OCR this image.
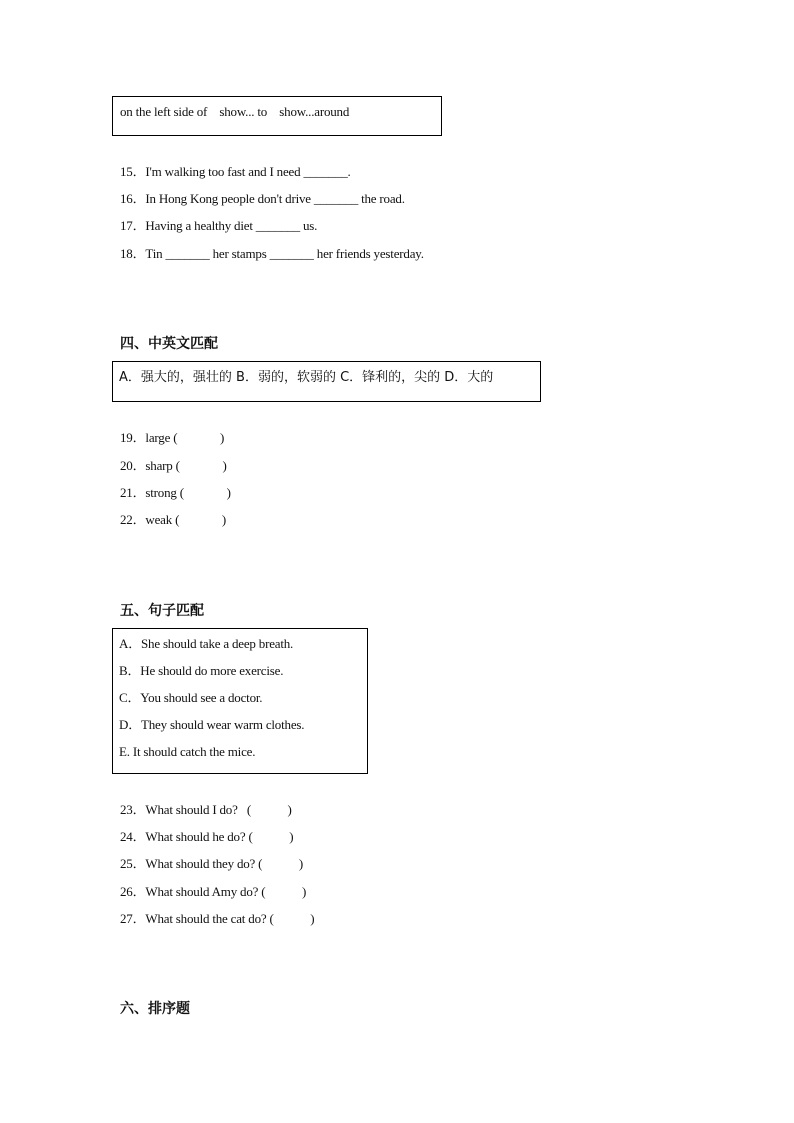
on the left side of    show... to    show...around
15．I'm walking too fast and I need _______.
16．In Hong Kong people don't drive _______ the road.
17．Having a healthy diet _______ us.
18．Tin _______ her stamps _______ her friends yesterday.
四、中英文匹配
A．强大的，强壮的 B．弱的，软弱的 C．锋利的，尖的 D．大的
19．large (              )
20．sharp (              )
21．strong (              )
22．weak (              )
五、句子匹配
A．She should take a deep breath.
B．He should do more exercise.
C．You should see a doctor.
D．They should wear warm clothes.
E. It should catch the mice.
23．What should I do?   (            )
24．What should he do? (            )
25．What should they do? (            )
26．What should Amy do? (            )
27．What should the cat do? (            )
六、排序题
